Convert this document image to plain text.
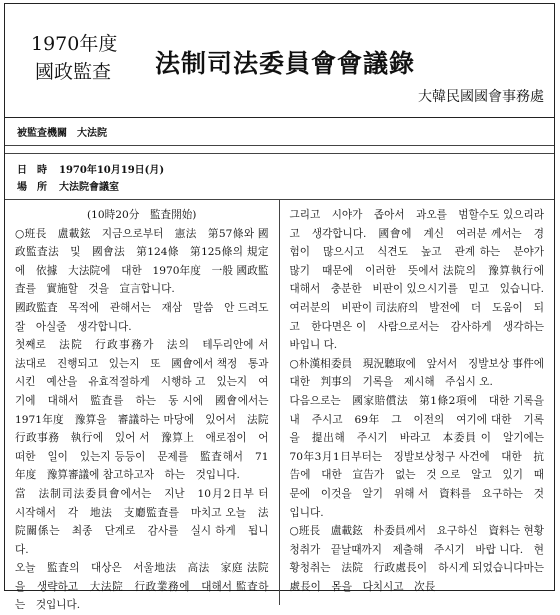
1970年度
國政監查 法制司法委員會會議錄
大韓民國國會事務處
被監查機關　大法院
日　時	1970年10月19日(月)
場　所	大法院會議室

(10時20分　監査開始)

○班長　盧載鉉　지금으로부터　憲法　第57條와 國政監査法　및　國會法　第124條　第125條의 規定에　依據　大法院에　대한　1970年度　一般 國政監査를　實施할　것을　宣言합니다.

國政監査　목적에　관해서는　재삼　말씀　안 드려도　잘　아실줄　생각합니다.

첫째로　法院　行政事務가　法의　테두리안에 서　法대로　진행되고　있는지　또　國會에서 책정　통과시킨　예산을　유효적절하게　시행하 고　있는지　여기에　대해서　監査를　하는　동 시에　國會에서는　1971年度　豫算을　審議하는 마당에　있어서　法院　行政事務　執行에　있어 서　豫算上　애로점이　어떠한　일이　있는지 등등이　문제를　監査해서　71年度　豫算審議에 참고하고자　하는　것입니다.

當　法制司法委員會에서는　지난　10月2日부 터　시작해서　각　地法　支廳監査를　마치고 오늘　法院關係는　최종　단계로　감사를　실시 하게　됩니다.

오늘　監査의　대상은　서울地法　高法　家庭 法院을　생략하고　大法院　行政業務에　대해서 監査하는　것입니다.

그리고　시야가　좁아서　과오를　범할수도 있으리라고　생각합니다.　國會에　계신　여러분 께서는　경험이　많으시고　식견도　높고　관계 하는　분야가　많기　때문에　이러한　뜻에서 法院의　豫算執行에　대해서　충분한　비판이 있으시기를　믿고　있습니다.　여러분의　비판이 司法府의　발전에　더　도움이　되고　한다면은 이　사람으로서는　감사하게　생각하는　바입니 다.

○朴漢相委員　現況聽取에　앞서서　징발보상 事件에　대한　判事의　기록을　제시해　주십시 오.

다음으로는　國家賠償法　第1條2項에　대한 기록을　내　주시고　69年　그　이전의　여기에 대한　기록을　提出해　주시기　바라고　本委員 이　알기에는　70年3月1日부터는　징발보상청구 사건에　대한　抗告에　대한　宣告가　없는　것 으로　알고　있기　때문에　이것을　알기　위해 서　資料를　요구하는　것입니다.

○班長　盧載鉉　朴委員께서　요구하신　資料는 현황청취가　끝날때까지　제출해　주시기　바랍 니다.　현황청취는　法院　行政處長이　하시게 되었습니다마는　處長이　몸을　다치시고　次長
